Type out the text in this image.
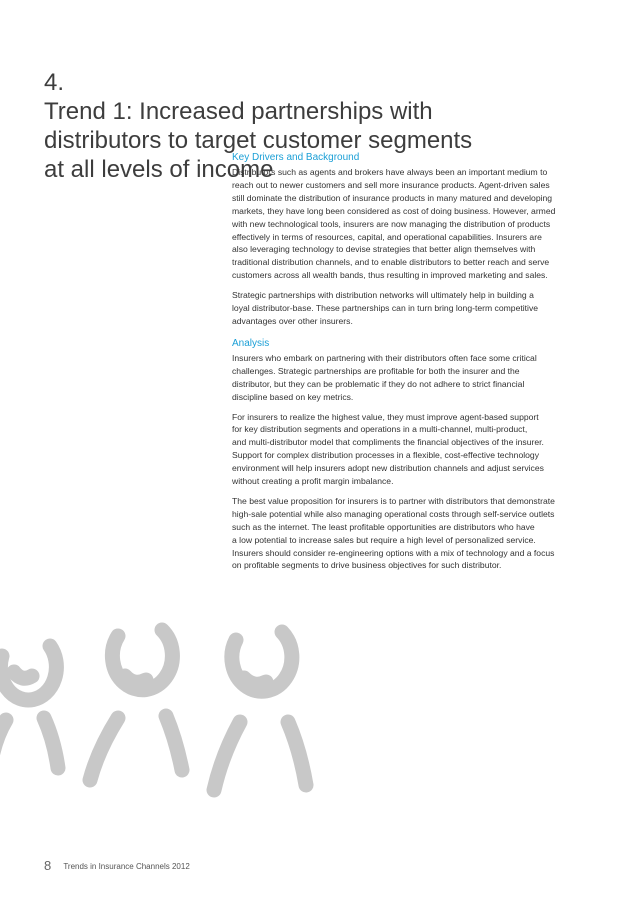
4.
Trend 1: Increased partnerships with
distributors to target customer segments
at all levels of income
Key Drivers and Background

Distributors such as agents and brokers have always been an important medium to
reach out to newer customers and sell more insurance products. Agent-driven sales
still dominate the distribution of insurance products in many matured and developing
markets, they have long been considered as cost of doing business. However, armed
with new technological tools, insurers are now managing the distribution of products
effectively in terms of resources, capital, and operational capabilities. Insurers are
also leveraging technology to devise strategies that better align themselves with
traditional distribution channels, and to enable distributors to better reach and serve
customers across all wealth bands, thus resulting in improved marketing and sales.

Strategic partnerships with distribution networks will ultimately help in building a
loyal distributor-base. These partnerships can in turn bring long-term competitive
advantages over other insurers.

Analysis

Insurers who embark on partnering with their distributors often face some critical
challenges. Strategic partnerships are profitable for both the insurer and the
distributor, but they can be problematic if they do not adhere to strict financial
discipline based on key metrics.

For insurers to realize the highest value, they must improve agent-based support
for key distribution segments and operations in a multi-channel, multi-product,
and multi-distributor model that compliments the financial objectives of the insurer.
Support for complex distribution processes in a flexible, cost-effective technology
environment will help insurers adopt new distribution channels and adjust services
without creating a profit margin imbalance.

The best value proposition for insurers is to partner with distributors that demonstrate
high-sale potential while also managing operational costs through self-service outlets
such as the internet. The least profitable opportunities are distributors who have
a low potential to increase sales but require a high level of personalized service.
Insurers should consider re-engineering options with a mix of technology and a focus
on profitable segments to drive business objectives for such distributor.

8 Trends in Insurance Channels 2012
